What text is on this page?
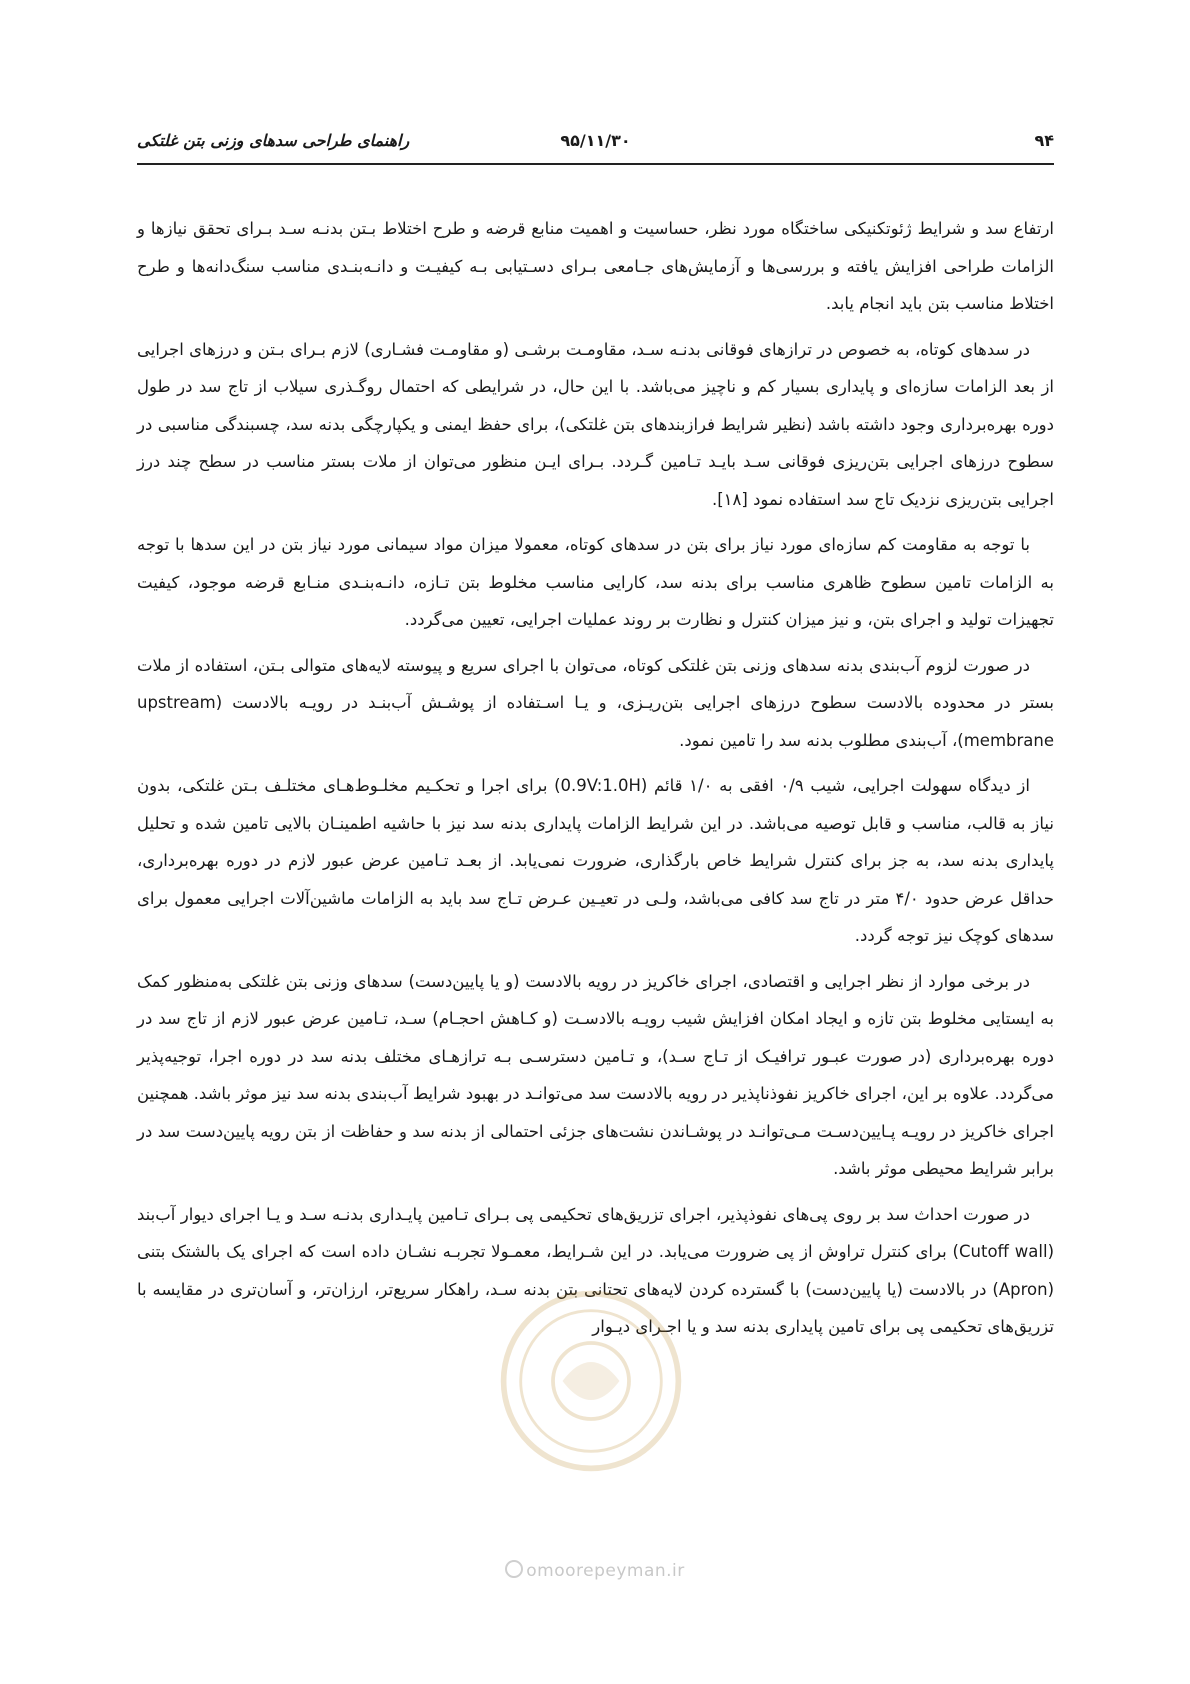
۹۴
۹۵/۱۱/۳۰
راهنمای طراحی سدهای وزنی بتن غلتکی

ارتفاع سد و شرایط ژئوتکنیکی ساختگاه مورد نظر، حساسیت و اهمیت منابع قرضه و طرح اختلاط بـتن بدنـه سـد بـرای تحقق نیازها و الزامات طراحی افزایش یافته و بررسی‌ها و آزمایش‌های جـامعی بـرای دسـتیابی بـه کیفیـت و دانـه‌بنـدی مناسب سنگ‌دانه‌ها و طرح اختلاط مناسب بتن باید انجام یابد.

در سدهای کوتاه، به خصوص در ترازهای فوقانی بدنـه سـد، مقاومـت برشـی (و مقاومـت فشـاری) لازم بـرای بـتن و درزهای اجرایی از بعد الزامات سازه‌ای و پایداری بسیار کم و ناچیز می‌باشد. با این حال، در شرایطی که احتمال روگـذری سیلاب از تاج سد در طول دوره بهره‌برداری وجود داشته باشد (نظیر شرایط فرازبندهای بتن غلتکی)، برای حفظ ایمنی و یکپارچگی بدنه سد، چسبندگی مناسبی در سطوح درزهای اجرایی بتن‌ریزی فوقانی سـد بایـد تـامین گـردد. بـرای ایـن منظور می‌توان از ملات بستر مناسب در سطح چند درز اجرایی بتن‌ریزی نزدیک تاج سد استفاده نمود [۱۸].

با توجه به مقاومت کم سازه‌ای مورد نیاز برای بتن در سدهای کوتاه، معمولا میزان مواد سیمانی مورد نیاز بتن در این سدها با توجه به الزامات تامین سطوح ظاهری مناسب برای بدنه سد، کارایی مناسب مخلوط بتن تـازه، دانـه‌بنـدی منـابع قرضه موجود، کیفیت تجهیزات تولید و اجرای بتن، و نیز میزان کنترل و نظارت بر روند عملیات اجرایی، تعیین می‌گردد.

در صورت لزوم آب‌بندی بدنه سدهای وزنی بتن غلتکی کوتاه، می‌توان با اجرای سریع و پیوسته لایه‌های متوالی بـتن، استفاده از ملات بستر در محدوده بالادست سطوح درزهای اجرایی بتن‌ریـزی، و یـا اسـتفاده از پوشـش آب‌بنـد در رویـه بالادست (upstream membrane)، آب‌بندی مطلوب بدنه سد را تامین نمود.

از دیدگاه سهولت اجرایی، شیب ۰/۹ افقی به ۱/۰ قائم (0.9V:1.0H) برای اجرا و تحکـیم مخلـوط‌هـای مختلـف بـتن غلتکی، بدون نیاز به قالب، مناسب و قابل توصیه می‌باشد. در این شرایط الزامات پایداری بدنه سد نیز با حاشیه اطمینـان بالایی تامین شده و تحلیل پایداری بدنه سد، به جز برای کنترل شرایط خاص بارگذاری، ضرورت نمی‌یابد. از بعـد تـامین عرض عبور لازم در دوره بهره‌برداری، حداقل عرض حدود ۴/۰ متر در تاج سد کافی می‌باشد، ولـی در تعیـین عـرض تـاج سد باید به الزامات ماشین‌آلات اجرایی معمول برای سدهای کوچک نیز توجه گردد.

در برخی موارد از نظر اجرایی و اقتصادی، اجرای خاکریز در رویه بالادست (و یا پایین‌دست) سدهای وزنی بتن غلتکی به‌منظور کمک به ایستایی مخلوط بتن تازه و ایجاد امکان افزایش شیب رویـه بالادسـت (و کـاهش احجـام) سـد، تـامین عرض عبور لازم از تاج سد در دوره بهره‌برداری (در صورت عبـور ترافیـک از تـاج سـد)، و تـامین دسترسـی بـه ترازهـای مختلف بدنه سد در دوره اجرا، توجیه‌پذیر می‌گردد. علاوه بر این، اجرای خاکریز نفوذناپذیر در رویه بالادست سد می‌توانـد در بهبود شرایط آب‌بندی بدنه سد نیز موثر باشد. همچنین اجرای خاکریز در رویـه پـایین‌دسـت مـی‌توانـد در پوشـاندن نشت‌های جزئی احتمالی از بدنه سد و حفاظت از بتن رویه پایین‌دست سد در برابر شرایط محیطی موثر باشد.

در صورت احداث سد بر روی پی‌های نفوذپذیر، اجرای تزریق‌های تحکیمی پی بـرای تـامین پایـداری بدنـه سـد و یـا اجرای دیوار آب‌بند (Cutoff wall) برای کنترل تراوش از پی ضرورت می‌یابد. در این شـرایط، معمـولا تجربـه نشـان داده است که اجرای یک بالشتک بتنی (Apron) در بالادست (یا پایین‌دست) با گسترده کردن لایه‌های تحتانی بتن بدنه سـد، راهکار سریع‌تر، ارزان‌تر، و آسان‌تری در مقایسه با تزریق‌های تحکیمی پی برای تامین پایداری بدنه سد و یا اجـرای دیـوار

omoorepeyman.ir
